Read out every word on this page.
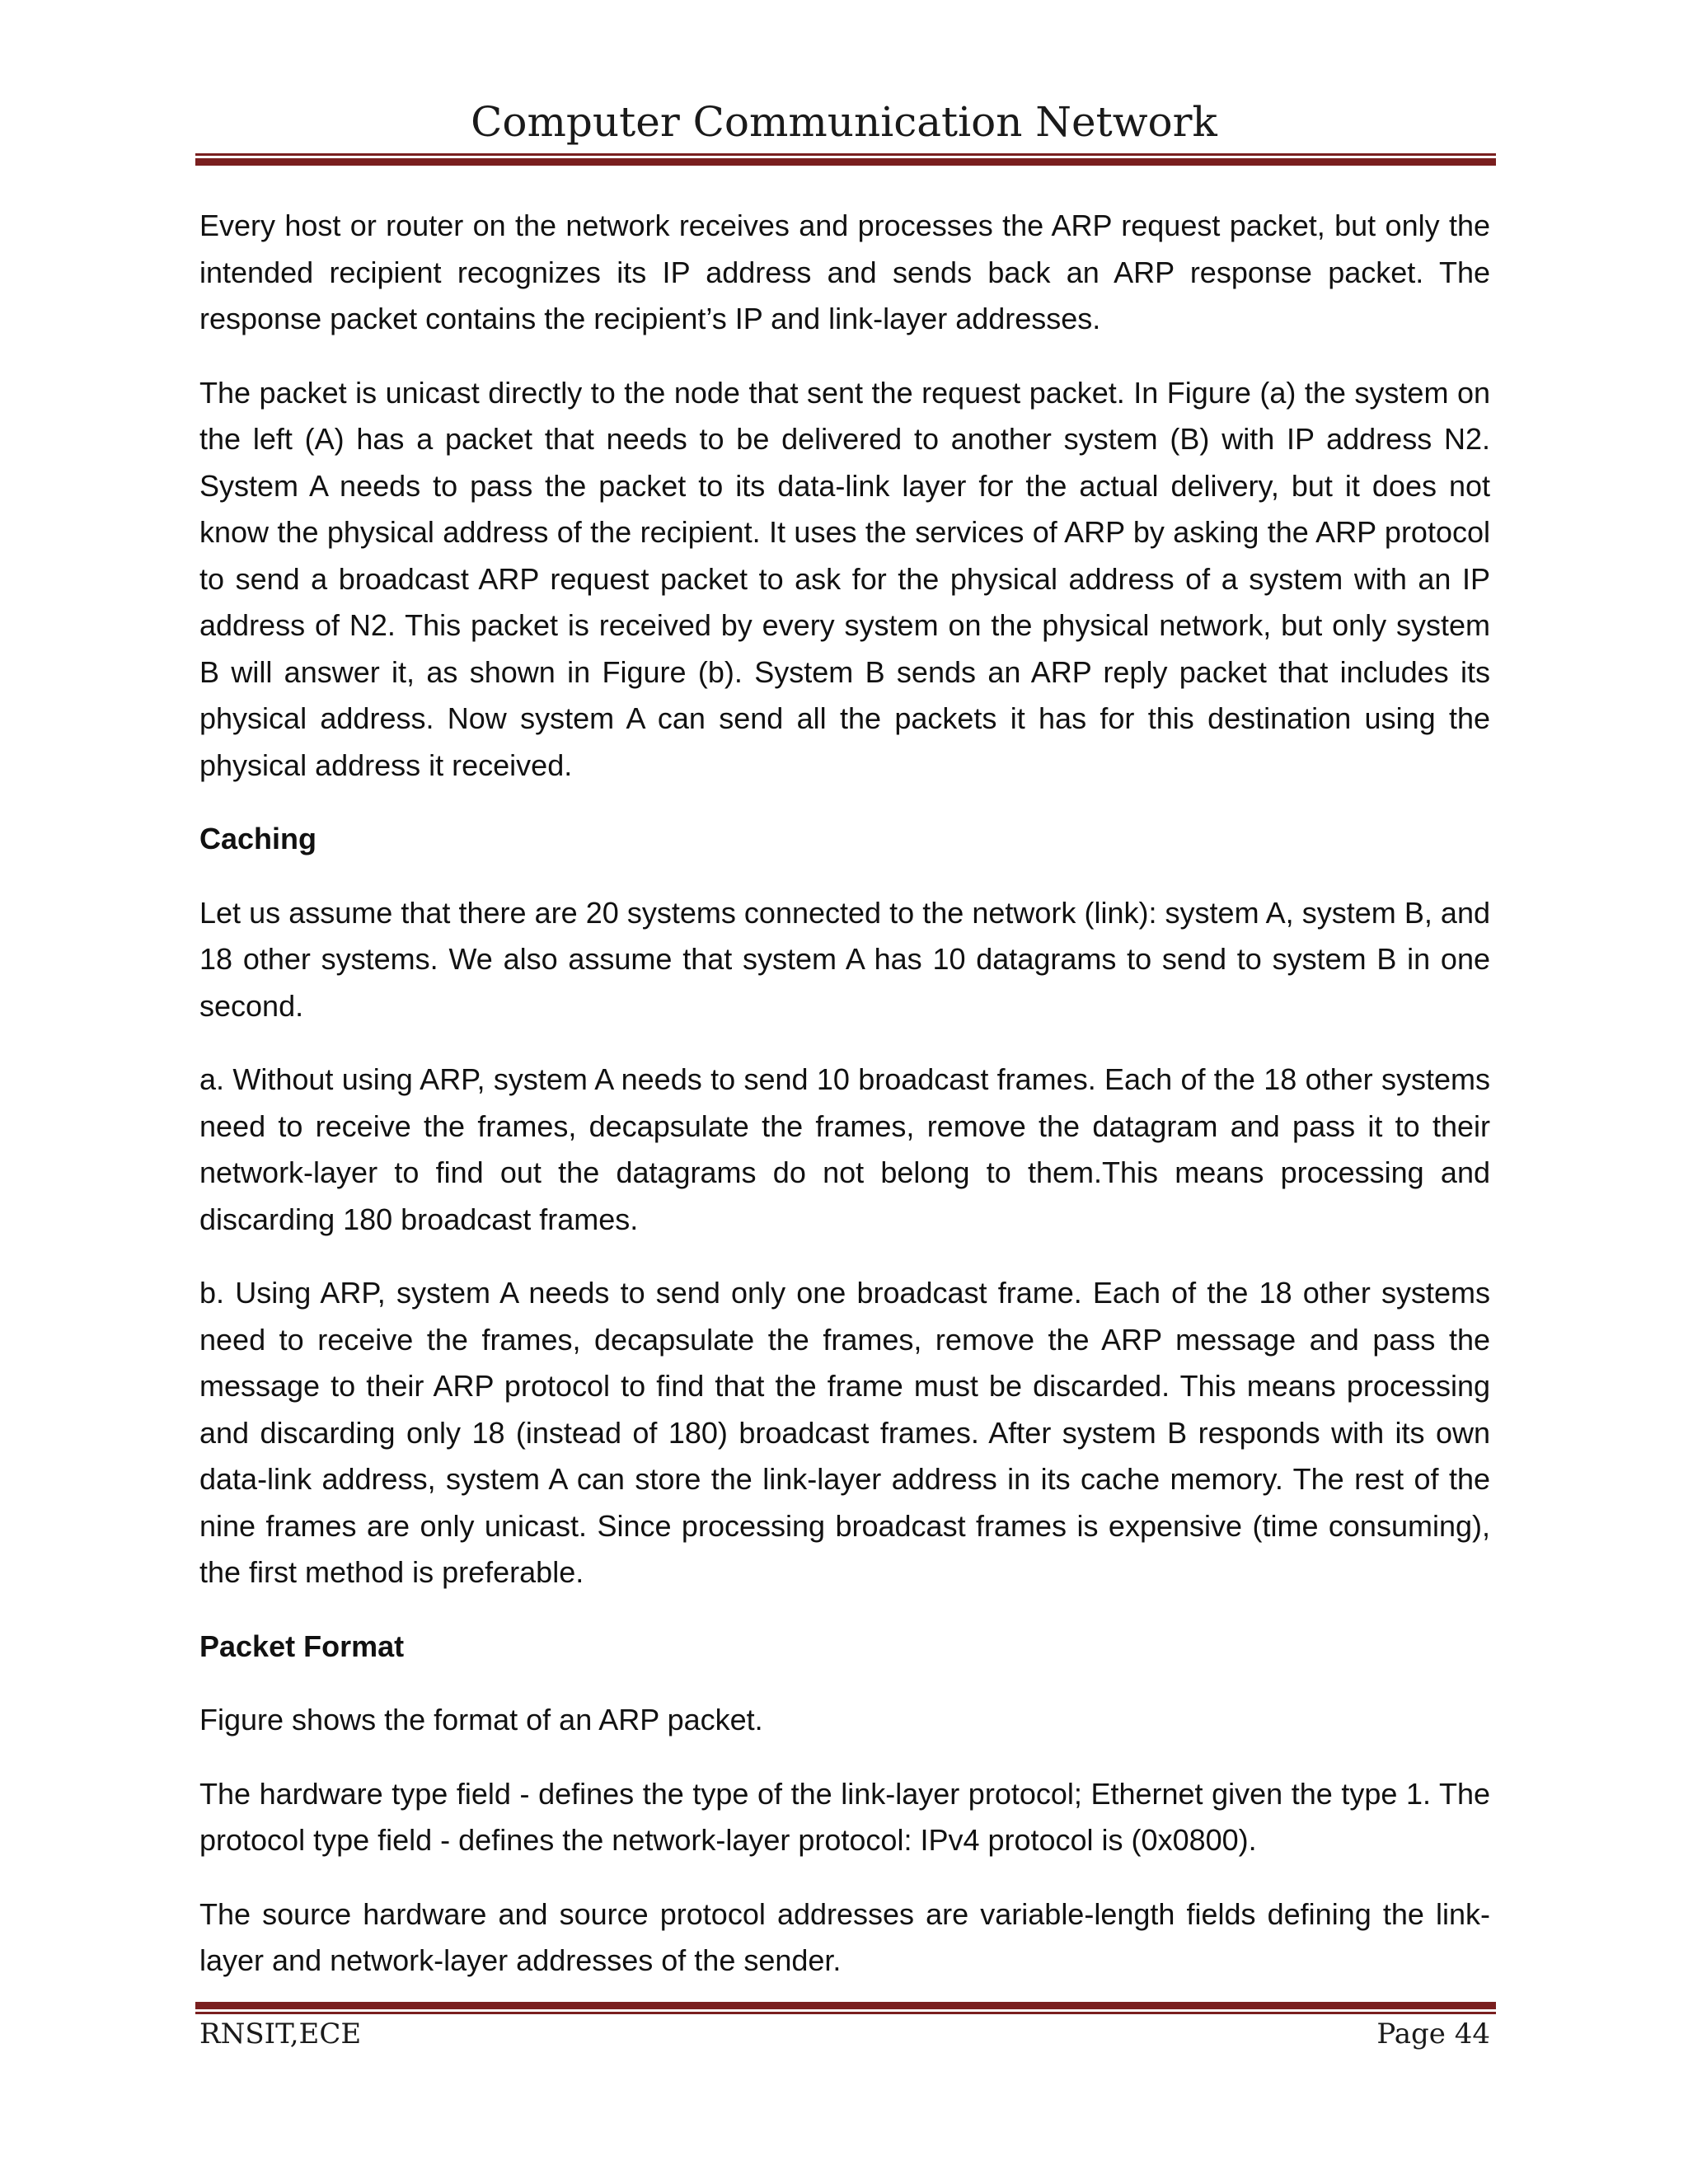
Computer Communication Network

Every host or router on the network receives and processes the ARP request packet, but only the intended recipient recognizes its IP address and sends back an ARP response packet. The response packet contains the recipient’s IP and link-layer addresses.

The packet is unicast directly to the node that sent the request packet. In Figure (a) the system on the left (A) has a packet that needs to be delivered to another system (B) with IP address N2. System A needs to pass the packet to its data-link layer for the actual delivery, but it does not know the physical address of the recipient. It uses the services of ARP by asking the ARP protocol to send a broadcast ARP request packet to ask for the physical address of a system with an IP address of N2. This packet is received by every system on the physical network, but only system B will answer it, as shown in Figure (b). System B sends an ARP reply packet that includes its physical address. Now system A can send all the packets it has for this destination using the physical address it received.

Caching

Let us assume that there are 20 systems connected to the network (link): system A, system B, and 18 other systems. We also assume that system A has 10 datagrams to send to system B in one second.

a. Without using ARP, system A needs to send 10 broadcast frames. Each of the 18 other systems need to receive the frames, decapsulate the frames, remove the datagram and pass it to their network-layer to find out the datagrams do not belong to them.This means processing and discarding 180 broadcast frames.

b. Using ARP, system A needs to send only one broadcast frame. Each of the 18 other systems need to receive the frames, decapsulate the frames, remove the ARP message and pass the message to their ARP protocol to find that the frame must be discarded. This means processing and discarding only 18 (instead of 180) broadcast frames. After system B responds with its own data-link address, system A can store the link-layer address in its cache memory. The rest of the nine frames are only unicast. Since processing broadcast frames is expensive (time consuming), the first method is preferable.

Packet Format

Figure shows the format of an ARP packet.

The hardware type field - defines the type of the link-layer protocol; Ethernet given the type 1. The protocol type field - defines the network-layer protocol: IPv4 protocol is (0x0800).

The source hardware and source protocol addresses are variable-length fields defining the link-layer and network-layer addresses of the sender.

RNSIT,ECE	Page 44
